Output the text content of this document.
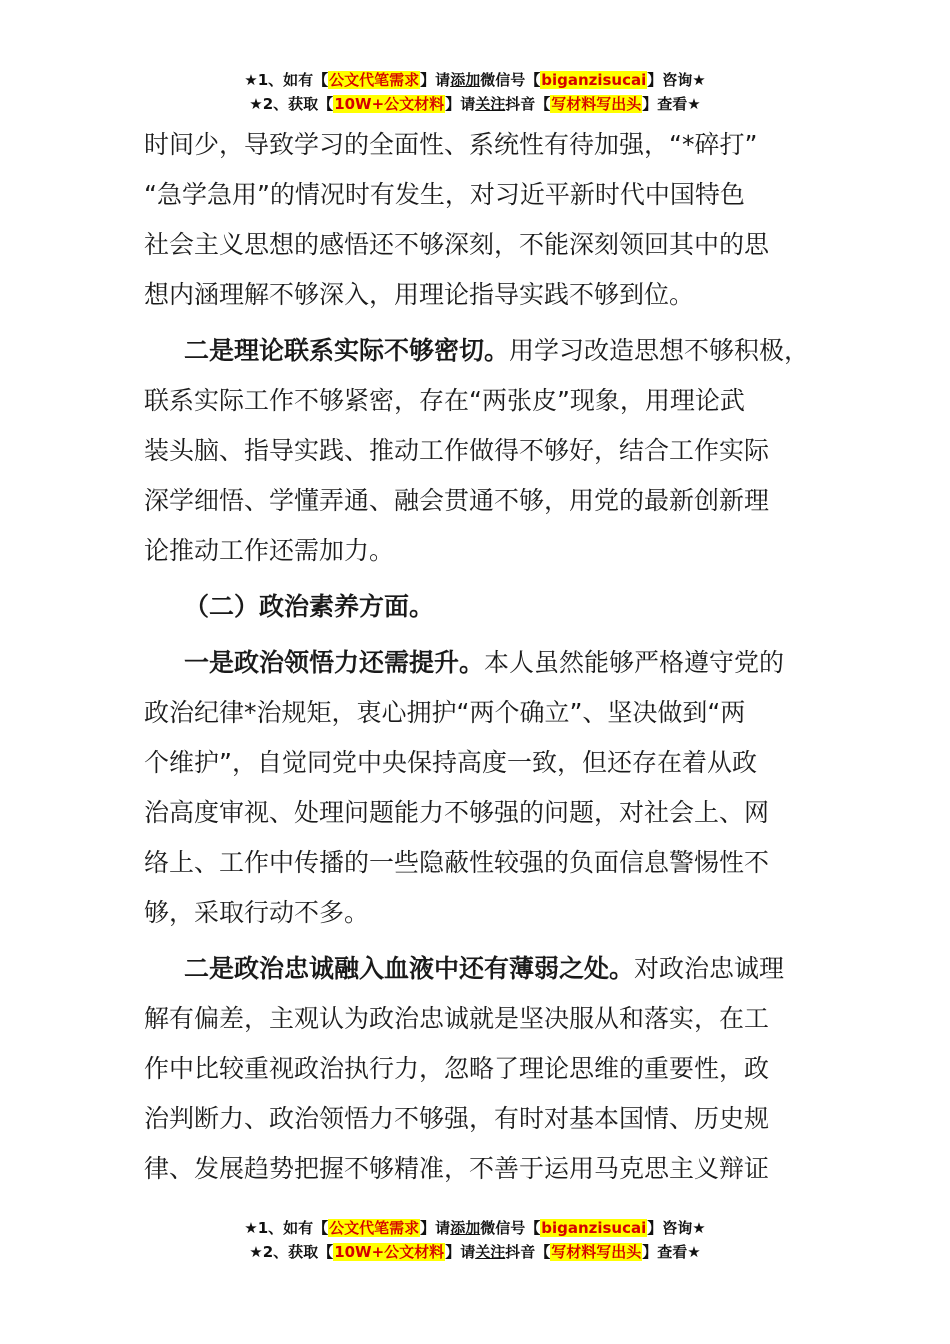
★1、如有【公文代笔需求】请添加微信号【biganzisucai】咨询★
★2、获取【10W+公文材料】请关注抖音【写材料写出头】查看★

时间少，导致学习的全面性、系统性有待加强，“*碎打”
“急学急用”的情况时有发生，对习近平新时代中国特色
社会主义思想的感悟还不够深刻，不能深刻领回其中的思
想内涵理解不够深入，用理论指导实践不够到位。

二是理论联系实际不够密切。用学习改造思想不够积极，
联系实际工作不够紧密，存在“两张皮”现象，用理论武
装头脑、指导实践、推动工作做得不够好，结合工作实际
深学细悟、学懂弄通、融会贯通不够，用党的最新创新理
论推动工作还需加力。

（二）政治素养方面。

一是政治领悟力还需提升。本人虽然能够严格遵守党的
政治纪律*治规矩，衷心拥护“两个确立”、坚决做到“两
个维护”，自觉同党中央保持高度一致，但还存在着从政
治高度审视、处理问题能力不够强的问题，对社会上、网
络上、工作中传播的一些隐蔽性较强的负面信息警惕性不
够，采取行动不多。

二是政治忠诚融入血液中还有薄弱之处。对政治忠诚理
解有偏差，主观认为政治忠诚就是坚决服从和落实，在工
作中比较重视政治执行力，忽略了理论思维的重要性，政
治判断力、政治领悟力不够强，有时对基本国情、历史规
律、发展趋势把握不够精准，不善于运用马克思主义辩证

★1、如有【公文代笔需求】请添加微信号【biganzisucai】咨询★
★2、获取【10W+公文材料】请关注抖音【写材料写出头】查看★
